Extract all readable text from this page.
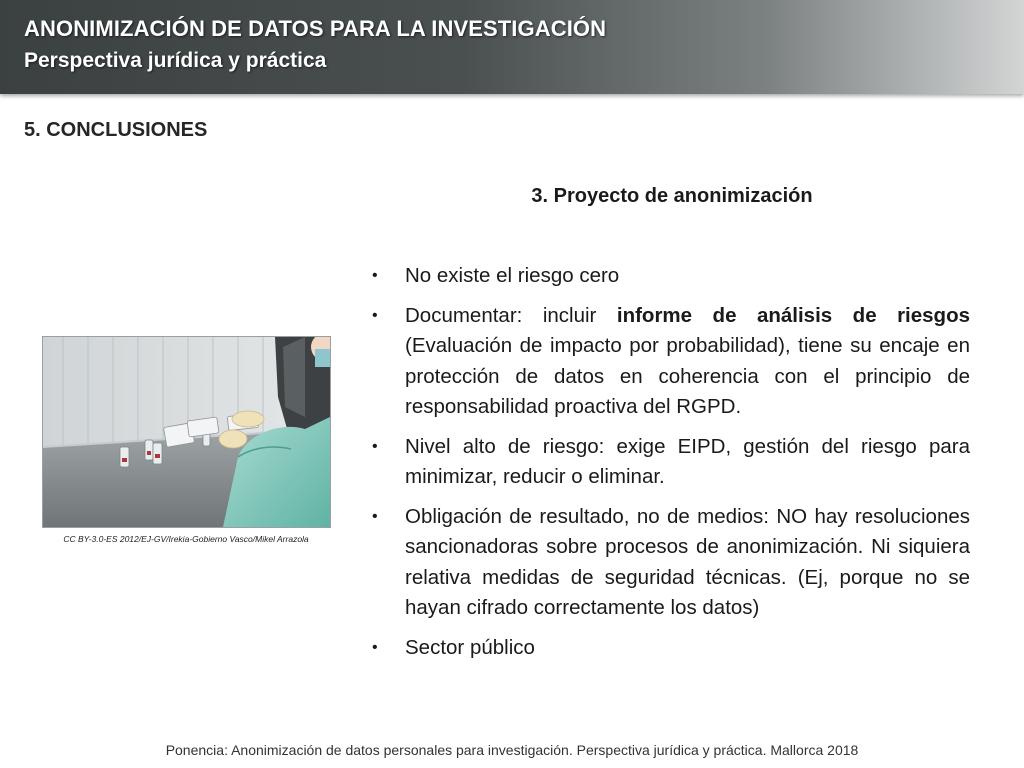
ANONIMIZACIÓN DE DATOS PARA LA INVESTIGACIÓN
Perspectiva jurídica y práctica
5. CONCLUSIONES
3. Proyecto de anonimización
CC BY-3.0-ES 2012/EJ-GV/Irekia-Gobierno Vasco/Mikel Arrazola
• No existe el riesgo cero
• Documentar: incluir informe de análisis de riesgos (Evaluación de impacto por probabilidad), tiene su encaje en protección de datos en coherencia con el principio de responsabilidad proactiva del RGPD.
• Nivel alto de riesgo: exige EIPD, gestión del riesgo para minimizar, reducir o eliminar.
• Obligación de resultado, no de medios: NO hay resoluciones sancionadoras sobre procesos de anonimización. Ni siquiera relativa medidas de seguridad técnicas. (Ej, porque no se hayan cifrado correctamente los datos)
• Sector público
Ponencia: Anonimización de datos personales para investigación. Perspectiva jurídica y práctica. Mallorca 2018
